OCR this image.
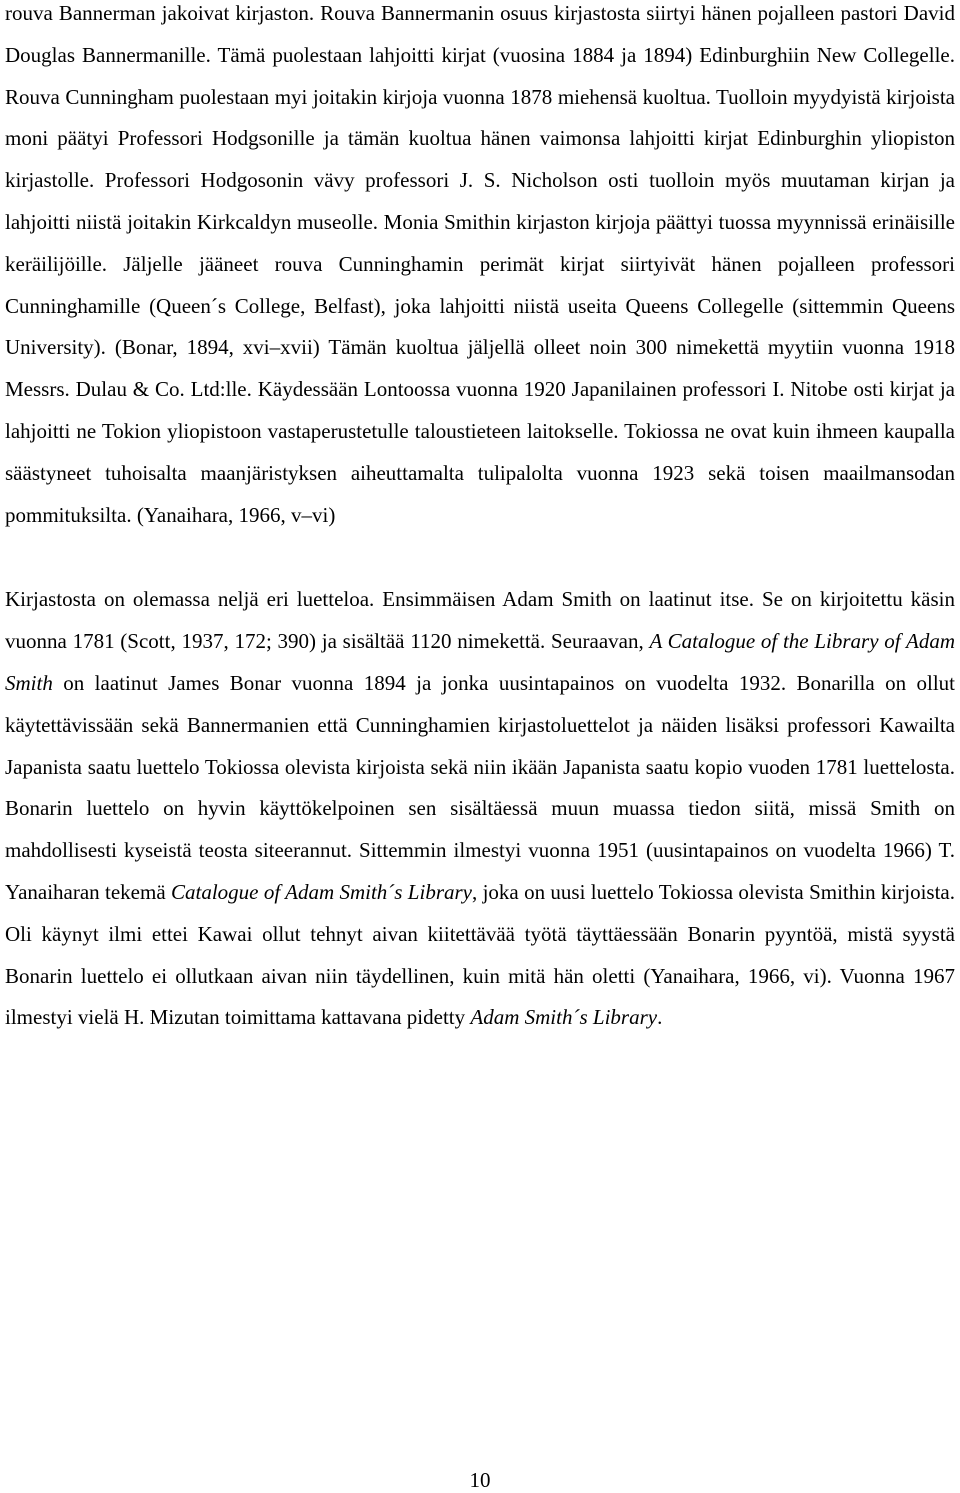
rouva Bannerman jakoivat kirjaston. Rouva Bannermanin osuus kirjastosta siirtyi hänen pojalleen pastori David Douglas Bannermanille. Tämä puolestaan lahjoitti kirjat (vuosina 1884 ja 1894) Edinburghiin New Collegelle. Rouva Cunningham puolestaan myi joitakin kirjoja vuonna 1878 miehensä kuoltua. Tuolloin myydyistä kirjoista moni päätyi Professori Hodgsonille ja tämän kuoltua hänen vaimonsa lahjoitti kirjat Edinburghin yliopiston kirjastolle. Professori Hodgosonin vävy professori J. S. Nicholson osti tuolloin myös muutaman kirjan ja lahjoitti niistä joitakin Kirkcaldyn museolle. Monia Smithin kirjaston kirjoja päättyi tuossa myynnissä erinäisille keräilijöille. Jäljelle jääneet rouva Cunninghamin perimät kirjat siirtyivät hänen pojalleen professori Cunninghamille (Queen´s College, Belfast), joka lahjoitti niistä useita Queens Collegelle (sittemmin Queens University). (Bonar, 1894, xvi–xvii) Tämän kuoltua jäljellä olleet noin 300 nimekettä myytiin vuonna 1918 Messrs. Dulau & Co. Ltd:lle. Käydessään Lontoossa vuonna 1920 Japanilainen professori I. Nitobe osti kirjat ja lahjoitti ne Tokion yliopistoon vastaperustetulle taloustieteen laitokselle. Tokiossa ne ovat kuin ihmeen kaupalla säästyneet tuhoisalta maanjäristyksen aiheuttamalta tulipalolta vuonna 1923 sekä toisen maailmansodan pommituksilta. (Yanaihara, 1966, v–vi)

Kirjastosta on olemassa neljä eri luetteloa. Ensimmäisen Adam Smith on laatinut itse. Se on kirjoitettu käsin vuonna 1781 (Scott, 1937, 172; 390) ja sisältää 1120 nimekettä. Seuraavan, A Catalogue of the Library of Adam Smith on laatinut James Bonar vuonna 1894 ja jonka uusintapainos on vuodelta 1932. Bonarilla on ollut käytettävissään sekä Bannermanien että Cunninghamien kirjastoluettelot ja näiden lisäksi professori Kawailta Japanista saatu luettelo Tokiossa olevista kirjoista sekä niin ikään Japanista saatu kopio vuoden 1781 luettelosta. Bonarin luettelo on hyvin käyttökelpoinen sen sisältäessä muun muassa tiedon siitä, missä Smith on mahdollisesti kyseistä teosta siteerannut. Sittemmin ilmestyi vuonna 1951 (uusintapainos on vuodelta 1966) T. Yanaiharan tekemä Catalogue of Adam Smith´s Library, joka on uusi luettelo Tokiossa olevista Smithin kirjoista. Oli käynyt ilmi ettei Kawai ollut tehnyt aivan kiitettävää työtä täyttäessään Bonarin pyyntöä, mistä syystä Bonarin luettelo ei ollutkaan aivan niin täydellinen, kuin mitä hän oletti (Yanaihara, 1966, vi). Vuonna 1967 ilmestyi vielä H. Mizutan toimittama kattavana pidetty Adam Smith´s Library.

10
